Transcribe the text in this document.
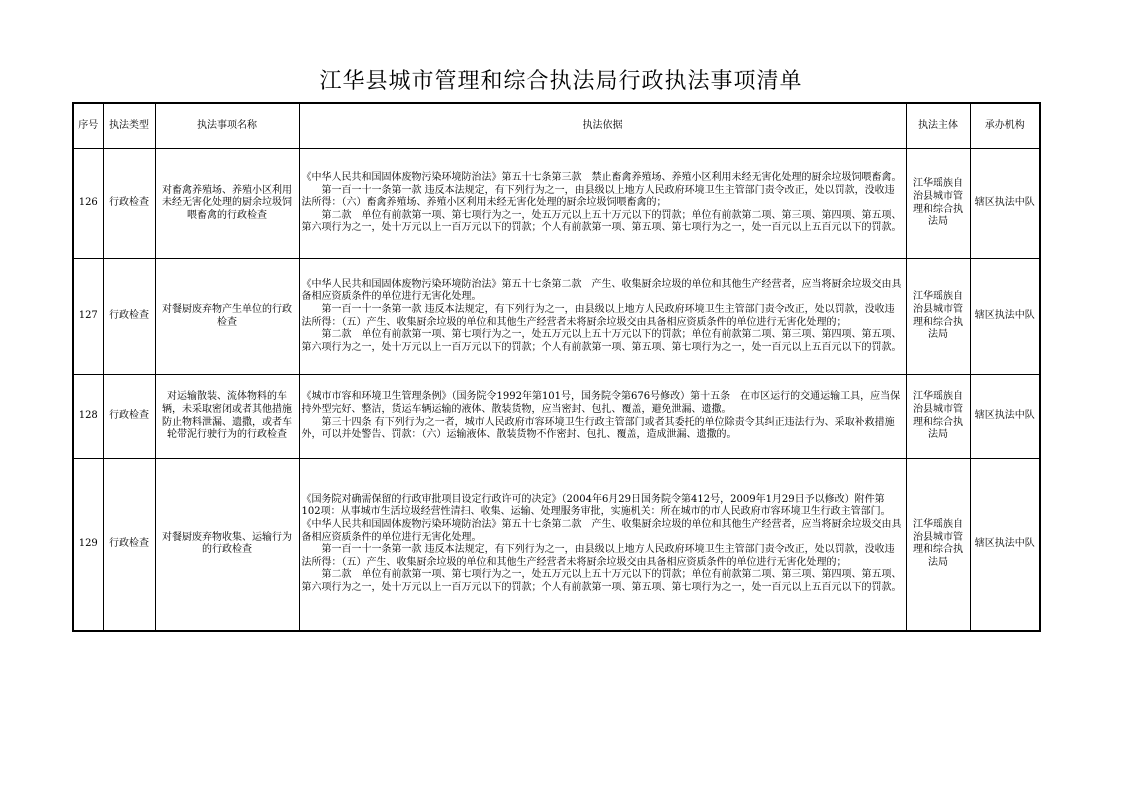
江华县城市管理和综合执法局行政执法事项清单
序号	执法类型	执法事项名称	执法依据	执法主体	承办机构
126	行政检查	对畜禽养殖场、养殖小区利用未经无害化处理的厨余垃圾饲喂畜禽的行政检查	《中华人民共和国固体废物污染环境防治法》第五十七条第三款　禁止畜禽养殖场、养殖小区利用未经无害化处理的厨余垃圾饲喂畜禽。
　　第一百一十一条第一款 违反本法规定，有下列行为之一，由县级以上地方人民政府环境卫生主管部门责令改正，处以罚款，没收违法所得：（六）畜禽养殖场、养殖小区利用未经无害化处理的厨余垃圾饲喂畜禽的；
　　第二款　单位有前款第一项、第七项行为之一，处五万元以上五十万元以下的罚款；单位有前款第二项、第三项、第四项、第五项、第六项行为之一，处十万元以上一百万元以下的罚款；个人有前款第一项、第五项、第七项行为之一，处一百元以上五百元以下的罚款。	江华瑶族自治县城市管理和综合执法局	辖区执法中队
127	行政检查	对餐厨废弃物产生单位的行政检查	《中华人民共和国固体废物污染环境防治法》第五十七条第二款　产生、收集厨余垃圾的单位和其他生产经营者，应当将厨余垃圾交由具备相应资质条件的单位进行无害化处理。
　　第一百一十一条第一款 违反本法规定，有下列行为之一，由县级以上地方人民政府环境卫生主管部门责令改正，处以罚款，没收违法所得：（五）产生、收集厨余垃圾的单位和其他生产经营者未将厨余垃圾交由具备相应资质条件的单位进行无害化处理的；
　　第二款　单位有前款第一项、第七项行为之一，处五万元以上五十万元以下的罚款；单位有前款第二项、第三项、第四项、第五项、第六项行为之一，处十万元以上一百万元以下的罚款；个人有前款第一项、第五项、第七项行为之一，处一百元以上五百元以下的罚款。	江华瑶族自治县城市管理和综合执法局	辖区执法中队
128	行政检查	对运输散装、流体物料的车辆，未采取密闭或者其他措施防止物料泄漏、遗撒，或者车轮带泥行驶行为的行政检查	《城市市容和环境卫生管理条例》（国务院令1992年第101号，国务院令第676号修改）第十五条　在市区运行的交通运输工具，应当保持外型完好、整洁，货运车辆运输的液体、散装货物，应当密封、包扎、覆盖，避免泄漏、遗撒。
　　第三十四条 有下列行为之一者，城市人民政府市容环境卫生行政主管部门或者其委托的单位除责令其纠正违法行为、采取补救措施外，可以并处警告、罚款：（六）运输液体、散装货物不作密封、包扎、覆盖，造成泄漏、遗撒的。	江华瑶族自治县城市管理和综合执法局	辖区执法中队
129	行政检查	对餐厨废弃物收集、运输行为的行政检查	《国务院对确需保留的行政审批项目设定行政许可的决定》（2004年6月29日国务院令第412号，2009年1月29日予以修改）附件第102项：从事城市生活垃圾经营性清扫、收集、运输、处理服务审批，实施机关：所在城市的市人民政府市容环境卫生行政主管部门。
《中华人民共和国固体废物污染环境防治法》第五十七条第二款　产生、收集厨余垃圾的单位和其他生产经营者，应当将厨余垃圾交由具备相应资质条件的单位进行无害化处理。
　　第一百一十一条第一款 违反本法规定，有下列行为之一，由县级以上地方人民政府环境卫生主管部门责令改正，处以罚款，没收违法所得：（五）产生、收集厨余垃圾的单位和其他生产经营者未将厨余垃圾交由具备相应资质条件的单位进行无害化处理的；
　　第二款　单位有前款第一项、第七项行为之一，处五万元以上五十万元以下的罚款；单位有前款第二项、第三项、第四项、第五项、第六项行为之一，处十万元以上一百万元以下的罚款；个人有前款第一项、第五项、第七项行为之一，处一百元以上五百元以下的罚款。	江华瑶族自治县城市管理和综合执法局	辖区执法中队
